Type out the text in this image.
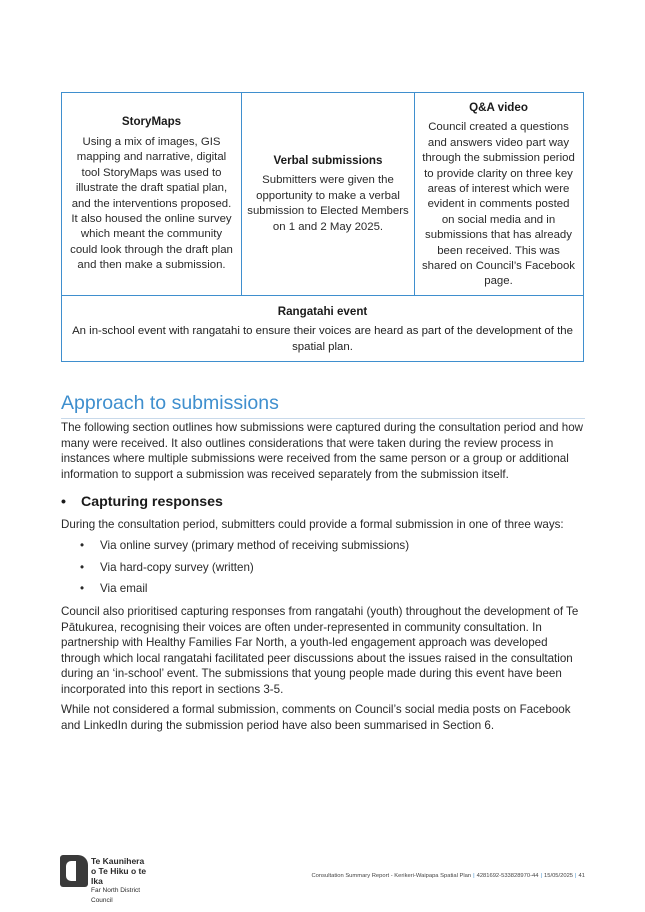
StoryMaps
Using a mix of images, GIS mapping and narrative, digital tool StoryMaps was used to illustrate the draft spatial plan, and the interventions proposed. It also housed the online survey which meant the community could look through the draft plan and then make a submission.
Verbal submissions
Submitters were given the opportunity to make a verbal submission to Elected Members on 1 and 2 May 2025.
Q&A video
Council created a questions and answers video part way through the submission period to provide clarity on three key areas of interest which were evident in comments posted on social media and in submissions that has already been received. This was shared on Council’s Facebook page.
Rangatahi event
An in-school event with rangatahi to ensure their voices are heard as part of the development of the spatial plan.
Approach to submissions
The following section outlines how submissions were captured during the consultation period and how many were received. It also outlines considerations that were taken during the review process in instances where multiple submissions were received from the same person or a group or additional information to support a submission was received separately from the submission itself.
• Capturing responses
During the consultation period, submitters could provide a formal submission in one of three ways:
• Via online survey (primary method of receiving submissions)
• Via hard-copy survey (written)
• Via email
Council also prioritised capturing responses from rangatahi (youth) throughout the development of Te Pātukurea, recognising their voices are often under-represented in community consultation. In partnership with Healthy Families Far North, a youth-led engagement approach was developed through which local rangatahi facilitated peer discussions about the issues raised in the consultation during an ‘in-school’ event. The submissions that young people made during this event have been incorporated into this report in sections 3-5.
While not considered a formal submission, comments on Council’s social media posts on Facebook and LinkedIn during the submission period have also been summarised in Section 6.
Te Kaunihera
o Te Hiku o te Ika
Far North District Council
Consultation Summary Report - Kerikeri-Waipapa Spatial Plan | 4281692-533828970-44 | 15/05/2025 | 41
